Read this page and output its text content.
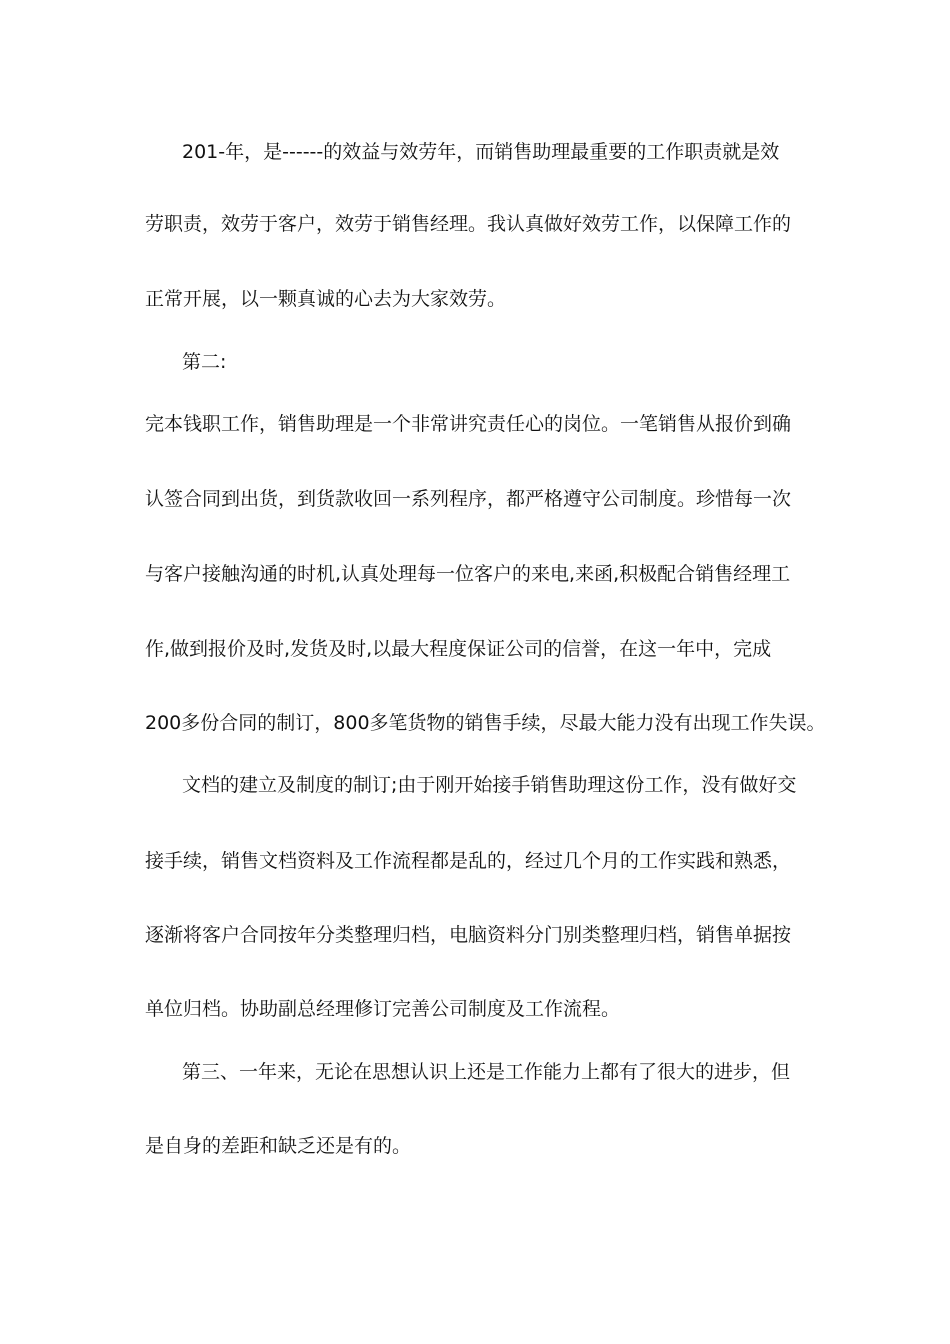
201-年，是------的效益与效劳年，而销售助理最重要的工作职责就是效
劳职责，效劳于客户，效劳于销售经理。我认真做好效劳工作，以保障工作的
正常开展，以一颗真诚的心去为大家效劳。
第二:
完本钱职工作，销售助理是一个非常讲究责任心的岗位。一笔销售从报价到确
认签合同到出货，到货款收回一系列程序，都严格遵守公司制度。珍惜每一次
与客户接触沟通的时机,认真处理每一位客户的来电,来函,积极配合销售经理工
作,做到报价及时,发货及时,以最大程度保证公司的信誉，在这一年中，完成
200多份合同的制订，800多笔货物的销售手续，尽最大能力没有出现工作失误。
文档的建立及制度的制订;由于刚开始接手销售助理这份工作，没有做好交
接手续，销售文档资料及工作流程都是乱的，经过几个月的工作实践和熟悉，
逐渐将客户合同按年分类整理归档，电脑资料分门别类整理归档，销售单据按
单位归档。协助副总经理修订完善公司制度及工作流程。
第三、一年来，无论在思想认识上还是工作能力上都有了很大的进步，但
是自身的差距和缺乏还是有的。
